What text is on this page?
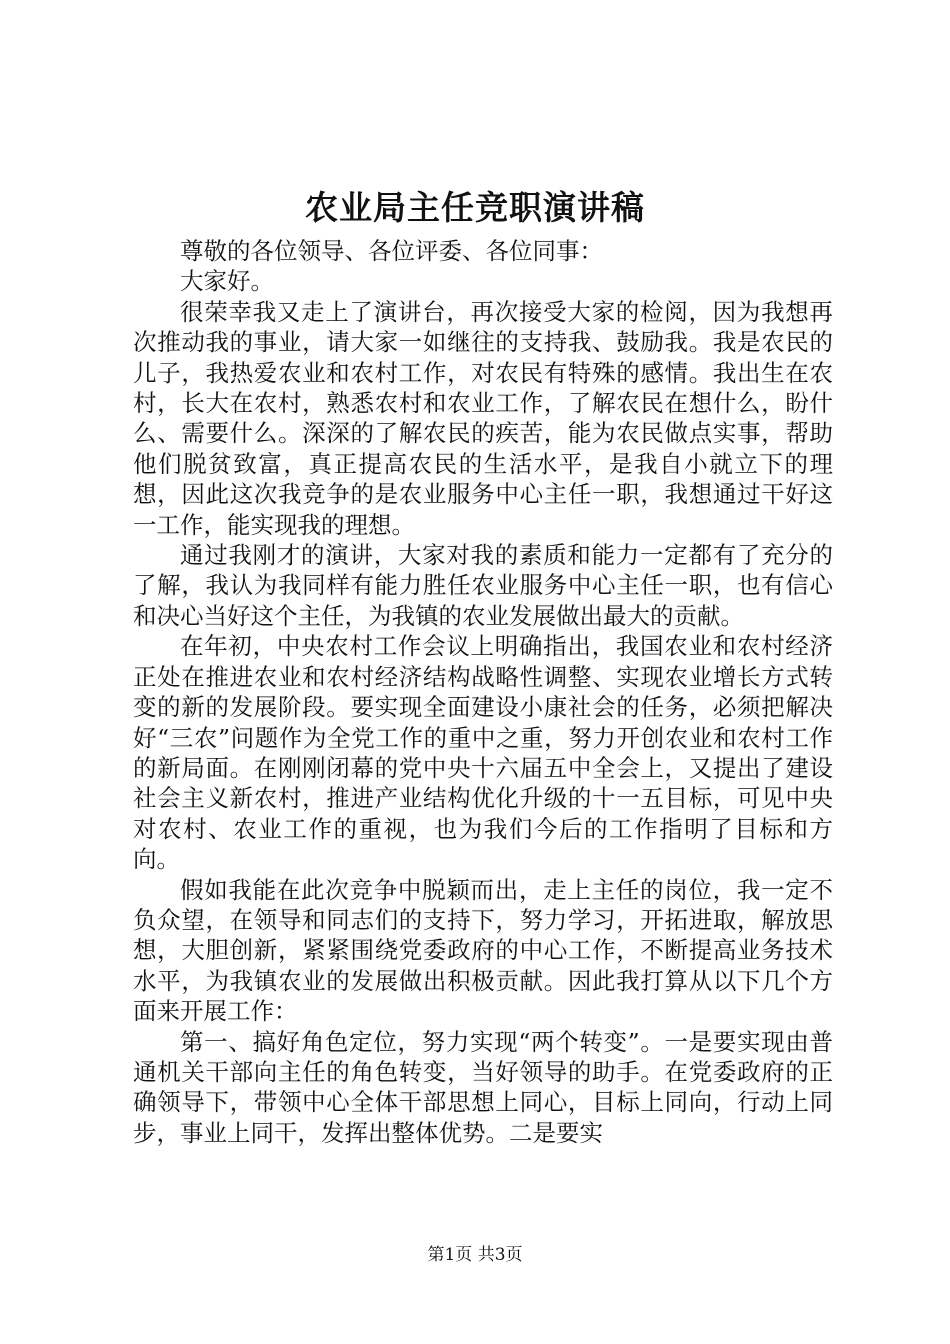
农业局主任竞职演讲稿

尊敬的各位领导、各位评委、各位同事：

大家好。

很荣幸我又走上了演讲台，再次接受大家的检阅，因为我想再次推动我的事业，请大家一如继往的支持我、鼓励我。我是农民的儿子，我热爱农业和农村工作，对农民有特殊的感情。我出生在农村，长大在农村，熟悉农村和农业工作，了解农民在想什么，盼什么、需要什么。深深的了解农民的疾苦，能为农民做点实事，帮助他们脱贫致富，真正提高农民的生活水平，是我自小就立下的理想，因此这次我竞争的是农业服务中心主任一职，我想通过干好这一工作，能实现我的理想。

通过我刚才的演讲，大家对我的素质和能力一定都有了充分的了解，我认为我同样有能力胜任农业服务中心主任一职，也有信心和决心当好这个主任，为我镇的农业发展做出最大的贡献。

在年初，中央农村工作会议上明确指出，我国农业和农村经济正处在推进农业和农村经济结构战略性调整、实现农业增长方式转变的新的发展阶段。要实现全面建设小康社会的任务，必须把解决好“三农”问题作为全党工作的重中之重，努力开创农业和农村工作的新局面。在刚刚闭幕的党中央十六届五中全会上，又提出了建设社会主义新农村，推进产业结构优化升级的十一五目标，可见中央对农村、农业工作的重视，也为我们今后的工作指明了目标和方向。

假如我能在此次竞争中脱颖而出，走上主任的岗位，我一定不负众望，在领导和同志们的支持下，努力学习，开拓进取，解放思想，大胆创新，紧紧围绕党委政府的中心工作，不断提高业务技术水平，为我镇农业的发展做出积极贡献。因此我打算从以下几个方面来开展工作：

第一、搞好角色定位，努力实现“两个转变”。一是要实现由普通机关干部向主任的角色转变，当好领导的助手。在党委政府的正确领导下，带领中心全体干部思想上同心，目标上同向，行动上同步，事业上同干，发挥出整体优势。二是要实

第1页 共3页
